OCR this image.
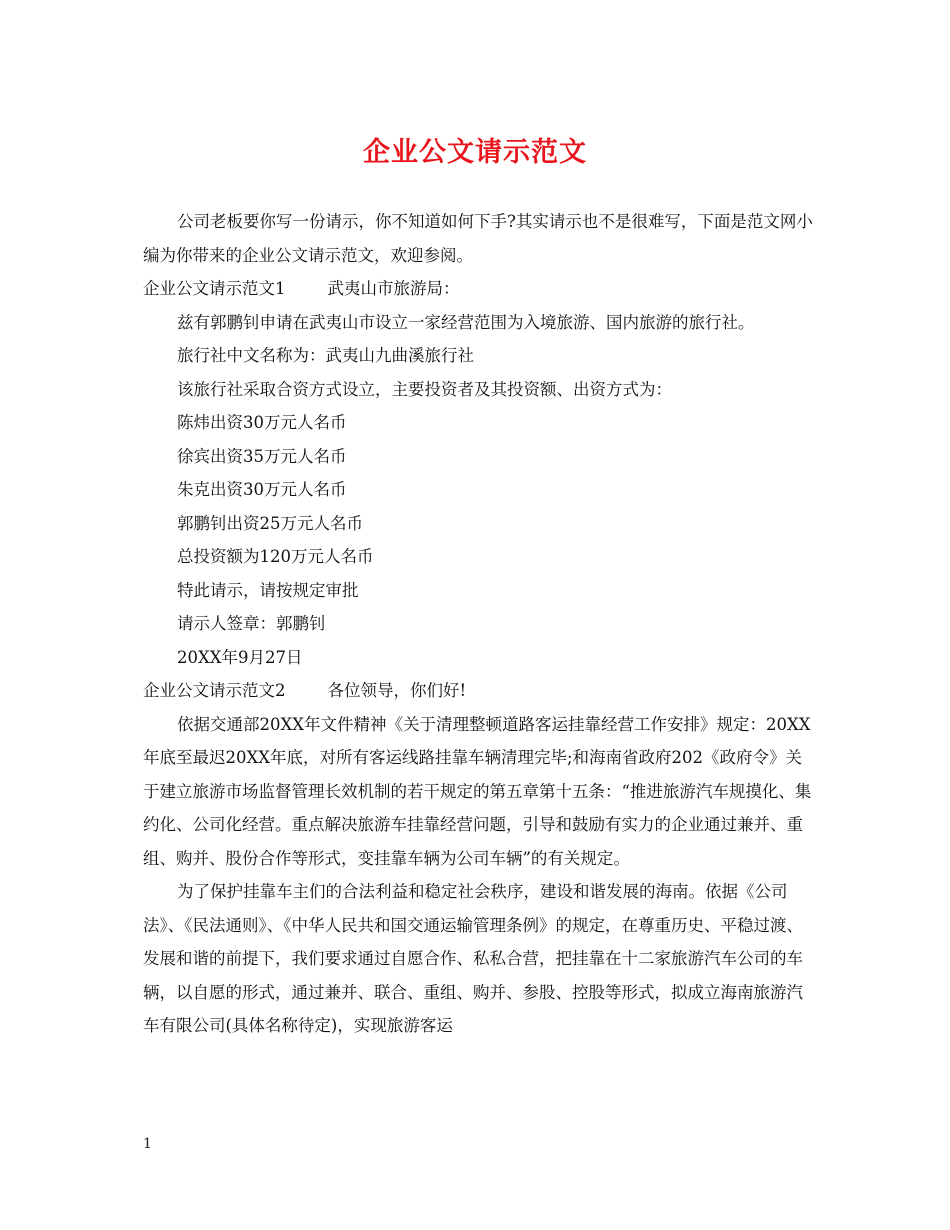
企业公文请示范文

公司老板要你写一份请示，你不知道如何下手?其实请示也不是很难写，下面是范文网小编为你带来的企业公文请示范文，欢迎参阅。

企业公文请示范文1	武夷山市旅游局：

兹有郭鹏钊申请在武夷山市设立一家经营范围为入境旅游、国内旅游的旅行社。

旅行社中文名称为：武夷山九曲溪旅行社

该旅行社采取合资方式设立，主要投资者及其投资额、出资方式为：

陈炜出资30万元人名币

徐宾出资35万元人名币

朱克出资30万元人名币

郭鹏钊出资25万元人名币

总投资额为120万元人名币

特此请示，请按规定审批

请示人签章：郭鹏钊

20XX年9月27日

企业公文请示范文2	各位领导，你们好!

依据交通部20XX年文件精神《关于清理整顿道路客运挂靠经营工作安排》规定：20XX年底至最迟20XX年底，对所有客运线路挂靠车辆清理完毕;和海南省政府202《政府令》关于建立旅游市场监督管理长效机制的若干规定的第五章第十五条：“推进旅游汽车规摸化、集约化、公司化经营。重点解决旅游车挂靠经营问题，引导和鼓励有实力的企业通过兼并、重组、购并、股份合作等形式，变挂靠车辆为公司车辆”的有关规定。

为了保护挂靠车主们的合法利益和稳定社会秩序，建设和谐发展的海南。依据《公司法》、《民法通则》、《中华人民共和国交通运输管理条例》的规定，在尊重历史、平稳过渡、发展和谐的前提下，我们要求通过自愿合作、私私合营，把挂靠在十二家旅游汽车公司的车辆，以自愿的形式，通过兼并、联合、重组、购并、参股、控股等形式，拟成立海南旅游汽车有限公司(具体名称待定)，实现旅游客运

1
